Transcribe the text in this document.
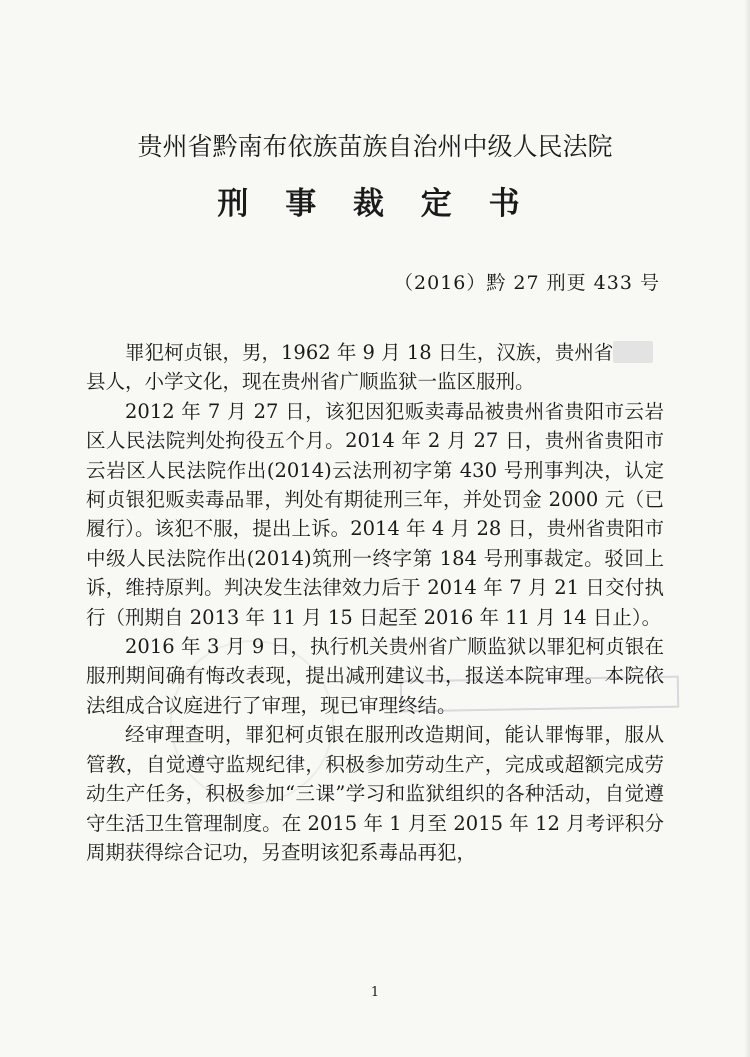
贵州省黔南布依族苗族自治州中级人民法院
刑 事 裁 定 书
（2016）黔 27 刑更 433 号

罪犯柯贞银，男，1962 年 9 月 18 日生，汉族，贵州省
县人，小学文化，现在贵州省广顺监狱一监区服刑。

2012 年 7 月 27 日，该犯因犯贩卖毒品被贵州省贵阳市云岩区人民法院判处拘役五个月。2014 年 2 月 27 日，贵州省贵阳市云岩区人民法院作出(2014)云法刑初字第 430 号刑事判决，认定柯贞银犯贩卖毒品罪，判处有期徒刑三年，并处罚金 2000 元（已履行）。该犯不服，提出上诉。2014 年 4 月 28 日，贵州省贵阳市中级人民法院作出(2014)筑刑一终字第 184 号刑事裁定。驳回上诉，维持原判。判决发生法律效力后于 2014 年 7 月 21 日交付执行（刑期自 2013 年 11 月 15 日起至 2016 年 11 月 14 日止）。

2016 年 3 月 9 日，执行机关贵州省广顺监狱以罪犯柯贞银在服刑期间确有悔改表现，提出减刑建议书，报送本院审理。本院依法组成合议庭进行了审理，现已审理终结。

经审理查明，罪犯柯贞银在服刑改造期间，能认罪悔罪，服从管教，自觉遵守监规纪律，积极参加劳动生产，完成或超额完成劳动生产任务，积极参加“三课”学习和监狱组织的各种活动，自觉遵守生活卫生管理制度。在 2015 年 1 月至 2015 年 12 月考评积分周期获得综合记功，另查明该犯系毒品再犯，

1
